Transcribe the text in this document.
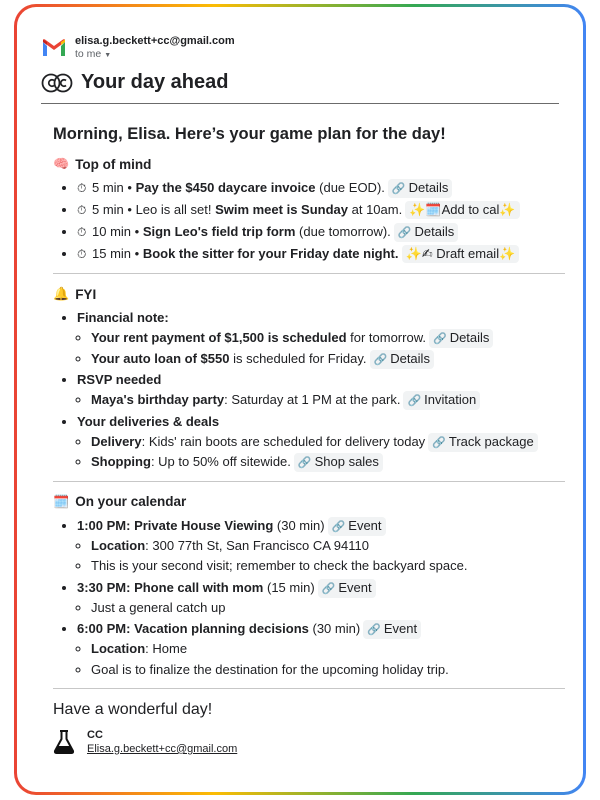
elisa.g.beckett+cc@gmail.com
to me ▼
Your day ahead
Morning, Elisa. Here’s your game plan for the day!
🧠 Top of mind
• ⏱ 5 min • Pay the $450 daycare invoice (due EOD). 🔗 Details
• ⏱ 5 min • Leo is all set! Swim meet is Sunday at 10am. ✨🗓️Add to cal✨
• ⏱ 10 min • Sign Leo's field trip form (due tomorrow). 🔗 Details
• ⏱ 15 min • Book the sitter for your Friday date night. ✨✍ Draft email✨
🔔 FYI
• Financial note:
◦ Your rent payment of $1,500 is scheduled for tomorrow. 🔗 Details
◦ Your auto loan of $550 is scheduled for Friday. 🔗 Details
• RSVP needed
◦ Maya's birthday party: Saturday at 1 PM at the park. 🔗 Invitation
• Your deliveries & deals
◦ Delivery: Kids' rain boots are scheduled for delivery today 🔗 Track package
◦ Shopping: Up to 50% off sitewide. 🔗 Shop sales
🗓️ On your calendar
• 1:00 PM: Private House Viewing (30 min) 🔗 Event
◦ Location: 300 77th St, San Francisco CA 94110
◦ This is your second visit; remember to check the backyard space.
• 3:30 PM: Phone call with mom (15 min) 🔗 Event
◦ Just a general catch up
• 6:00 PM: Vacation planning decisions (30 min) 🔗 Event
◦ Location: Home
◦ Goal is to finalize the destination for the upcoming holiday trip.
Have a wonderful day!
CC
Elisa.g.beckett+cc@gmail.com
